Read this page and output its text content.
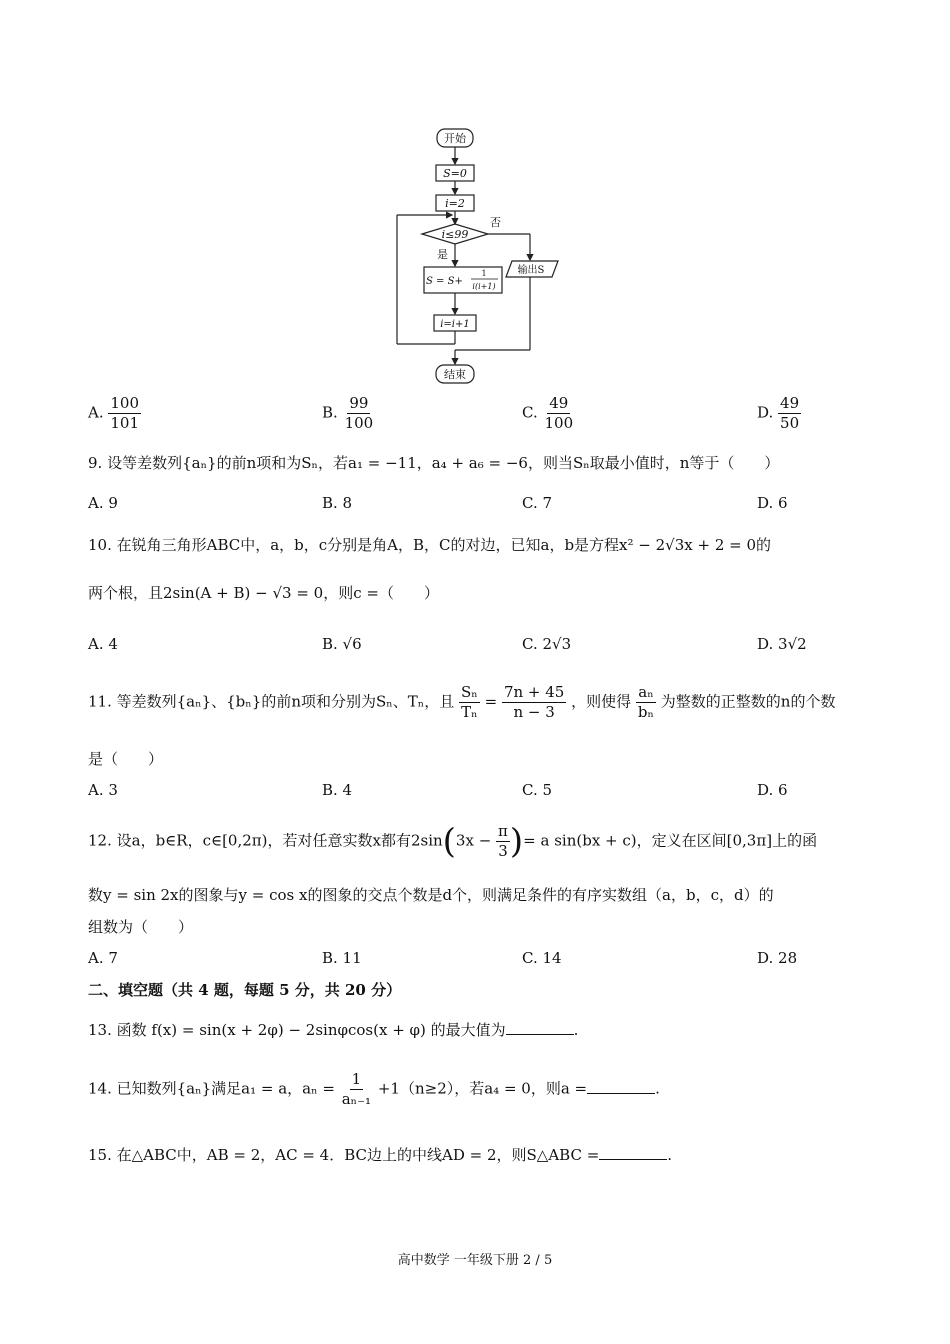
开始
S=0
i=2
i≤99
否
是
S = S+
1
i(i+1)
输出S
i=i+1
结束
A. $\frac{100}{101}$	B. $\frac{99}{100}$	C. $\frac{49}{100}$	D. $\frac{49}{50}$
9. 设等差数列{aₙ}的前n项和为Sₙ，若a₁ = −11，a₄ + a₆ = −6，则当Sₙ取最小值时，n等于（　　）
A. 9	B. 8	C. 7	D. 6
10. 在锐角三角形ABC中，a，b，c分别是角A，B，C的对边，已知a，b是方程x² − 2√3x + 2 = 0的
两个根，且2sin(A + B) − √3 = 0，则c =（　　）
A. 4	B. √6	C. 2√3	D. 3√2
11. 等差数列{aₙ}、{bₙ}的前n项和分别为Sₙ、Tₙ，且 $\frac{\text{Sₙ}}{\text{Tₙ}} = \frac{7n + 45}{n - 3}$ ，则使得 $\frac{\text{aₙ}}{\text{bₙ}}$ 为整数的正整数的n的个数
是（　　）
A. 3	B. 4	C. 5	D. 6
12. 设a，b∈R，c∈[0,2π)，若对任意实数x都有$2\sin(3x - \frac{\pi}{3}$ )= a sin(bx + c)，定义在区间[0,3π]上的函
数y = sin 2x的图象与y = cos x的图象的交点个数是d个，则满足条件的有序实数组（a，b，c，d）的
组数为（　　）
A. 7	B. 11	C. 14	D. 28
二、填空题（共 4 题，每题 5 分，共 20 分）
13. 函数 f(x) = sin(x + 2φ) − 2sinφcos(x + φ) 的最大值为	.
14. 已知数列{aₙ}满足a₁ = a，$a_n = \frac{1}{\text{aₙ₋₁}} +1(n\ge 2)$，若a₄ = 0，则a =	.
15. 在△ABC中，AB = 2，AC = 4．BC边上的中线AD = 2，则S△ABC =	.
高中数学 一年级下册 2 / 5
